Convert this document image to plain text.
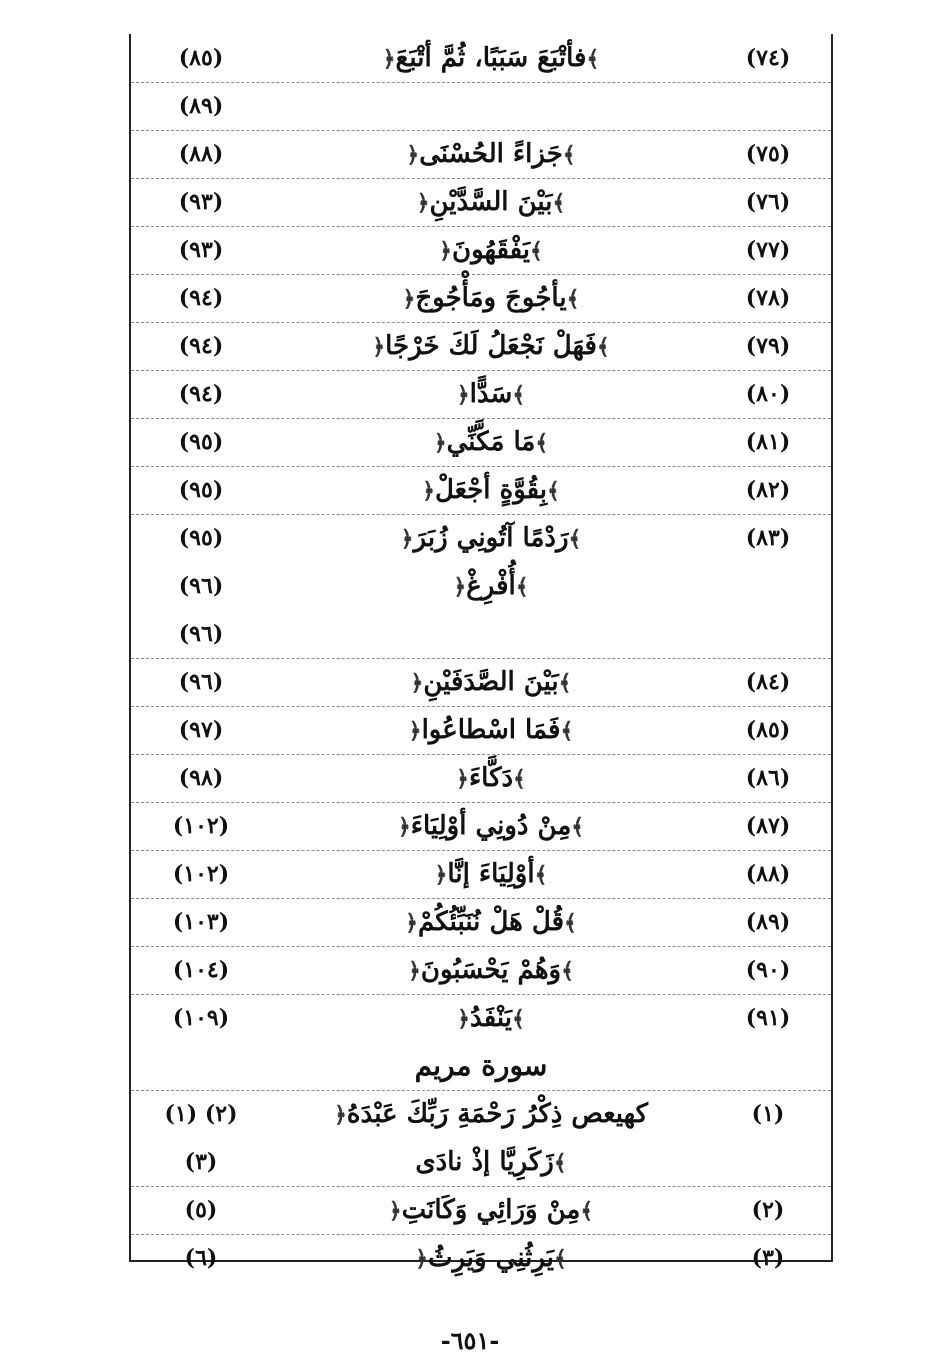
(٧٤)
﴿فأتْبَعَ سَبَبًا، ثُمَّ أتْبَعَ﴾
(٨٥)
(٨٩)
(٧٥)
﴿جَزاءً الحُسْنَى﴾
(٨٨)
(٧٦)
﴿بَيْنَ السَّدَّيْنِ﴾
(٩٣)
(٧٧)
﴿يَفْقَهُونَ﴾
(٩٣)
(٧٨)
﴿يأجُوجَ ومَأْجُوجَ﴾
(٩٤)
(٧٩)
﴿فَهَلْ نَجْعَلُ لَكَ خَرْجًا﴾
(٩٤)
(٨٠)
﴿سَدًّا﴾
(٩٤)
(٨١)
﴿مَا مَكَّنِّي﴾
(٩٥)
(٨٢)
﴿بِقُوَّةٍ أجْعَلْ﴾
(٩٥)
(٨٣)
﴿رَدْمًا آتُونِي زُبَرَ﴾
(٩٥)
﴿أُفْرِغْ﴾
(٩٦)
(٩٦)
(٨٤)
﴿بَيْنَ الصَّدَفَيْنِ﴾
(٩٦)
(٨٥)
﴿فَمَا اسْطاعُوا﴾
(٩٧)
(٨٦)
﴿دَكَّاءَ﴾
(٩٨)
(٨٧)
﴿مِنْ دُونِي أوْلِيَاءَ﴾
(١٠٢)
(٨٨)
﴿أوْلِيَاءَ إنَّا﴾
(١٠٢)
(٨٩)
﴿قُلْ هَلْ نُنَبِّئُكُمْ﴾
(١٠٣)
(٩٠)
﴿وَهُمْ يَحْسَبُونَ﴾
(١٠٤)
(٩١)
﴿يَنْفَدُ﴾
(١٠٩)
سورة مريم
(١)
﴿كهيعص ذِكْرُ رَحْمَةِ رَبِّكَ عَبْدَهُ
(١) (٢)
زَكَرِيَّا إذْ نادَى﴾
(٣)
(٢)
﴿مِنْ وَرَائِي وَكَانَتِ﴾
(٥)
(٣)
﴿يَرِثُنِي وَيَرِثُ﴾
(٦)
-٦٥١-
